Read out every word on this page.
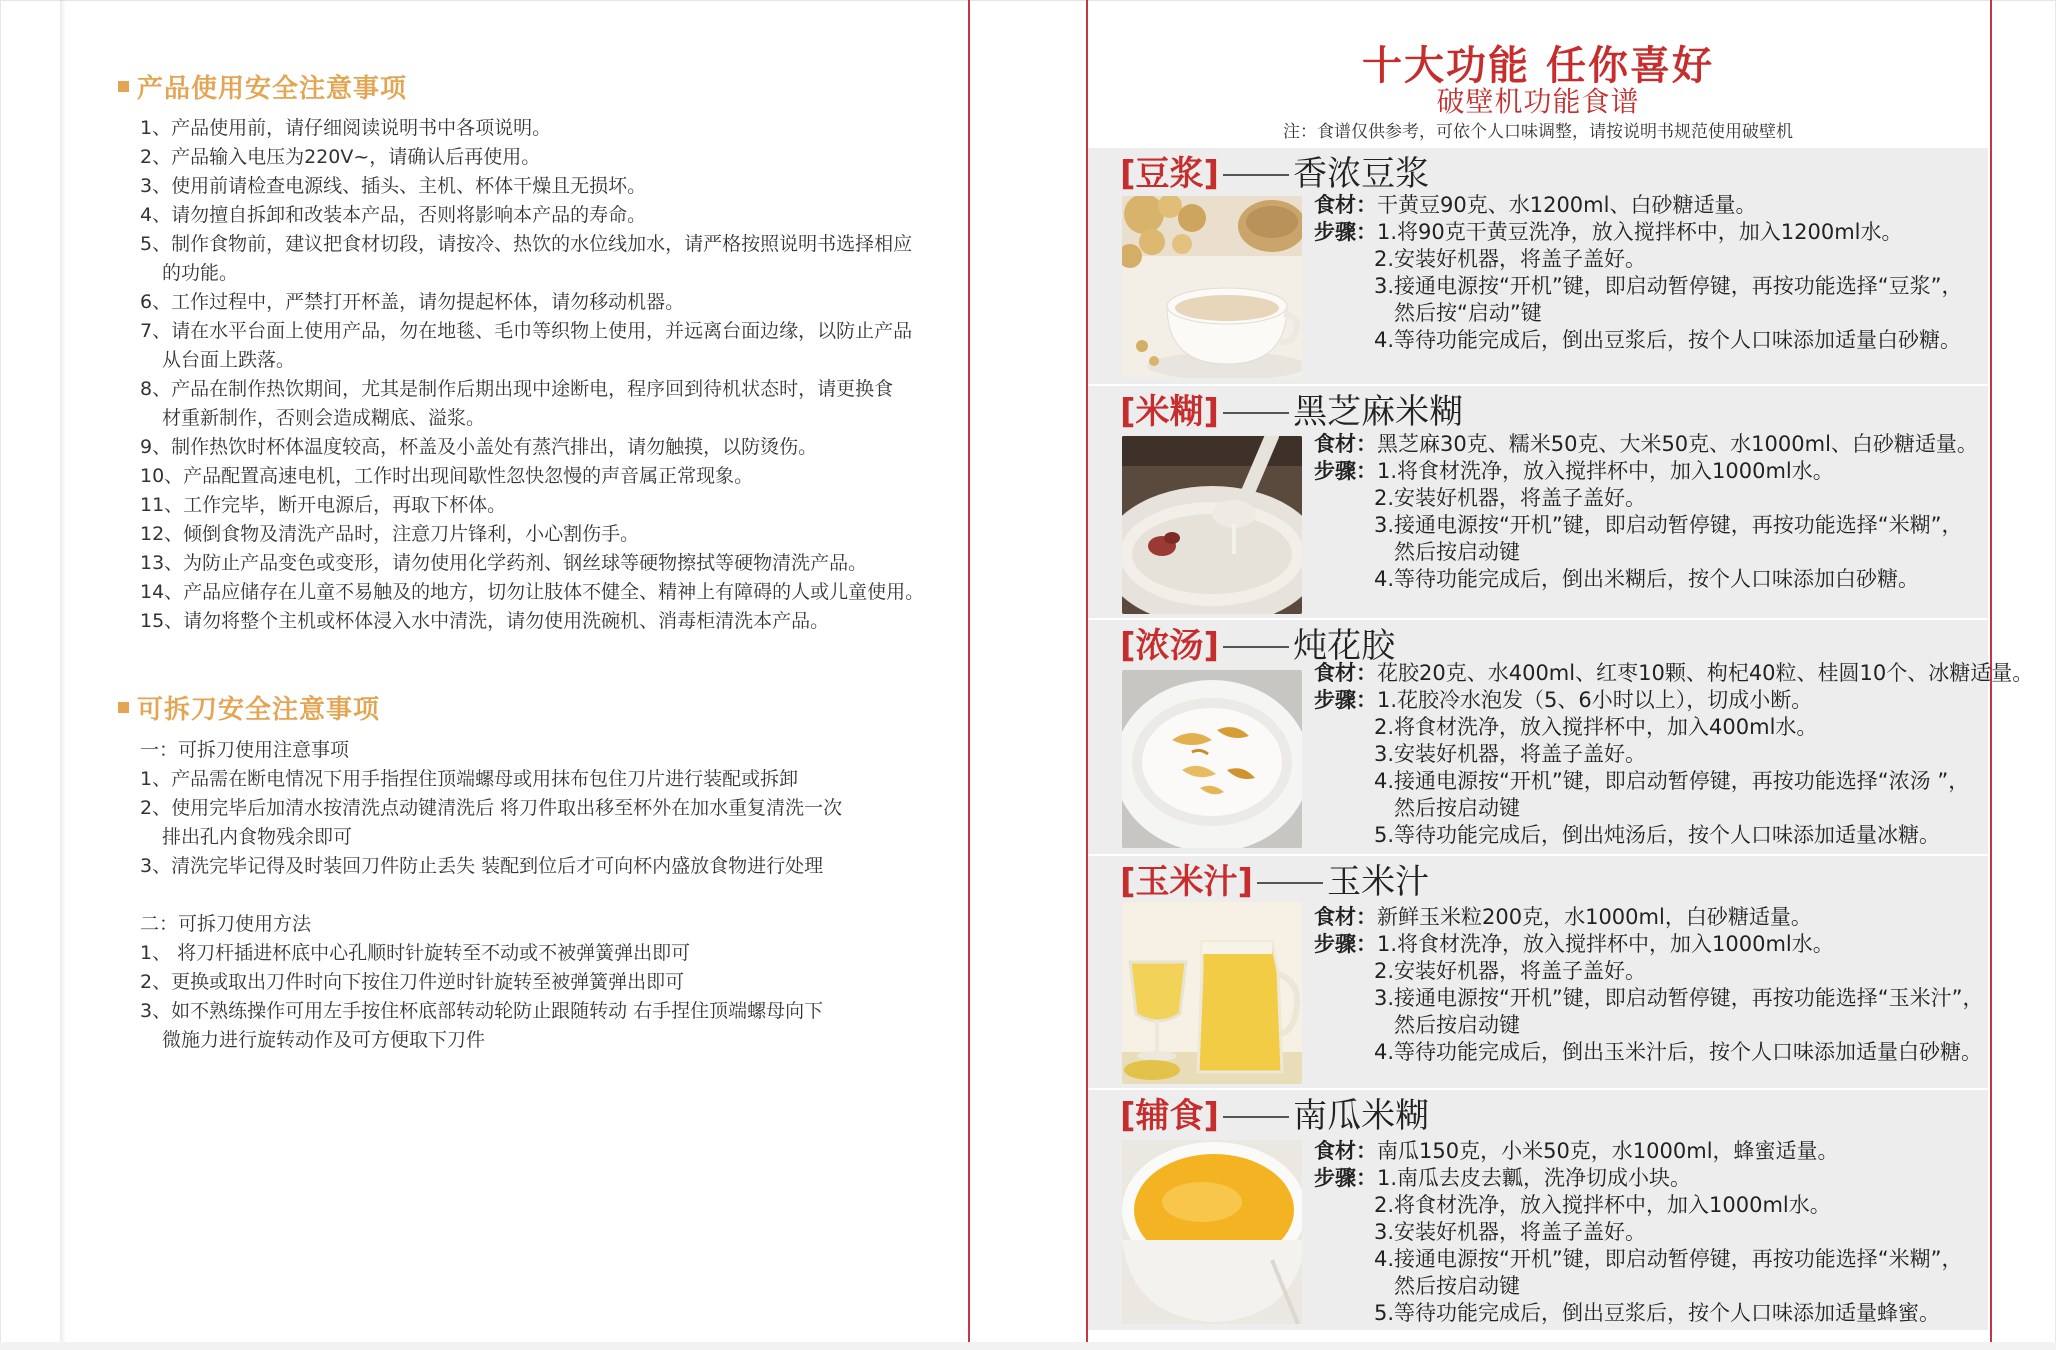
产品使用安全注意事项
1、产品使用前，请仔细阅读说明书中各项说明。
2、产品输入电压为220V~，请确认后再使用。
3、使用前请检查电源线、插头、主机、杯体干燥且无损坏。
4、请勿擅自拆卸和改装本产品，否则将影响本产品的寿命。
5、制作食物前，建议把食材切段，请按冷、热饮的水位线加水，请严格按照说明书选择相应
的功能。
6、工作过程中，严禁打开杯盖，请勿提起杯体，请勿移动机器。
7、请在水平台面上使用产品，勿在地毯、毛巾等织物上使用，并远离台面边缘，以防止产品
从台面上跌落。
8、产品在制作热饮期间，尤其是制作后期出现中途断电，程序回到待机状态时，请更换食
材重新制作，否则会造成糊底、溢浆。
9、制作热饮时杯体温度较高，杯盖及小盖处有蒸汽排出，请勿触摸，以防烫伤。
10、产品配置高速电机，工作时出现间歇性忽快忽慢的声音属正常现象。
11、工作完毕，断开电源后，再取下杯体。
12、倾倒食物及清洗产品时，注意刀片锋利，小心割伤手。
13、为防止产品变色或变形，请勿使用化学药剂、钢丝球等硬物擦拭等硬物清洗产品。
14、产品应储存在儿童不易触及的地方，切勿让肢体不健全、精神上有障碍的人或儿童使用。
15、请勿将整个主机或杯体浸入水中清洗，请勿使用洗碗机、消毒柜清洗本产品。
可拆刀安全注意事项
一：可拆刀使用注意事项
1、产品需在断电情况下用手指捏住顶端螺母或用抹布包住刀片进行装配或拆卸
2、使用完毕后加清水按清洗点动键清洗后 将刀件取出移至杯外在加水重复清洗一次
排出孔内食物残余即可
3、清洗完毕记得及时装回刀件防止丢失 装配到位后才可向杯内盛放食物进行处理
二：可拆刀使用方法
1、 将刀杆插进杯底中心孔顺时针旋转至不动或不被弹簧弹出即可
2、更换或取出刀件时向下按住刀件逆时针旋转至被弹簧弹出即可
3、如不熟练操作可用左手按住杯底部转动轮防止跟随转动 右手捏住顶端螺母向下
微施力进行旋转动作及可方便取下刀件
十大功能 任你喜好
破壁机功能食谱
注：食谱仅供参考，可依个人口味调整，请按说明书规范使用破壁机
[豆浆] 香浓豆浆
食材：干黄豆90克、水1200ml、白砂糖适量。
步骤：1.将90克干黄豆洗净，放入搅拌杯中，加入1200ml水。
2.安装好机器，将盖子盖好。
3.接通电源按“开机”键，即启动暂停键，再按功能选择“豆浆”，
然后按“启动”键
4.等待功能完成后，倒出豆浆后，按个人口味添加适量白砂糖。
[米糊] 黑芝麻米糊
食材：黑芝麻30克、糯米50克、大米50克、水1000ml、白砂糖适量。
步骤：1.将食材洗净，放入搅拌杯中，加入1000ml水。
2.安装好机器，将盖子盖好。
3.接通电源按“开机”键，即启动暂停键，再按功能选择“米糊”，
然后按启动键
4.等待功能完成后，倒出米糊后，按个人口味添加白砂糖。
[浓汤] 炖花胶
食材：花胶20克、水400ml、红枣10颗、枸杞40粒、桂圆10个、冰糖适量。
步骤：1.花胶冷水泡发（5、6小时以上），切成小断。
2.将食材洗净，放入搅拌杯中，加入400ml水。
3.安装好机器，将盖子盖好。
4.接通电源按“开机”键，即启动暂停键，再按功能选择“浓汤 ”，
然后按启动键
5.等待功能完成后，倒出炖汤后，按个人口味添加适量冰糖。
[玉米汁] 玉米汁
食材：新鲜玉米粒200克，水1000ml，白砂糖适量。
步骤：1.将食材洗净，放入搅拌杯中，加入1000ml水。
2.安装好机器，将盖子盖好。
3.接通电源按“开机”键，即启动暂停键，再按功能选择“玉米汁”，
然后按启动键
4.等待功能完成后，倒出玉米汁后，按个人口味添加适量白砂糖。
[辅食] 南瓜米糊
食材：南瓜150克，小米50克，水1000ml，蜂蜜适量。
步骤：1.南瓜去皮去瓤，洗净切成小块。
2.将食材洗净，放入搅拌杯中，加入1000ml水。
3.安装好机器，将盖子盖好。
4.接通电源按“开机”键，即启动暂停键，再按功能选择“米糊”，
然后按启动键
5.等待功能完成后，倒出豆浆后，按个人口味添加适量蜂蜜。
